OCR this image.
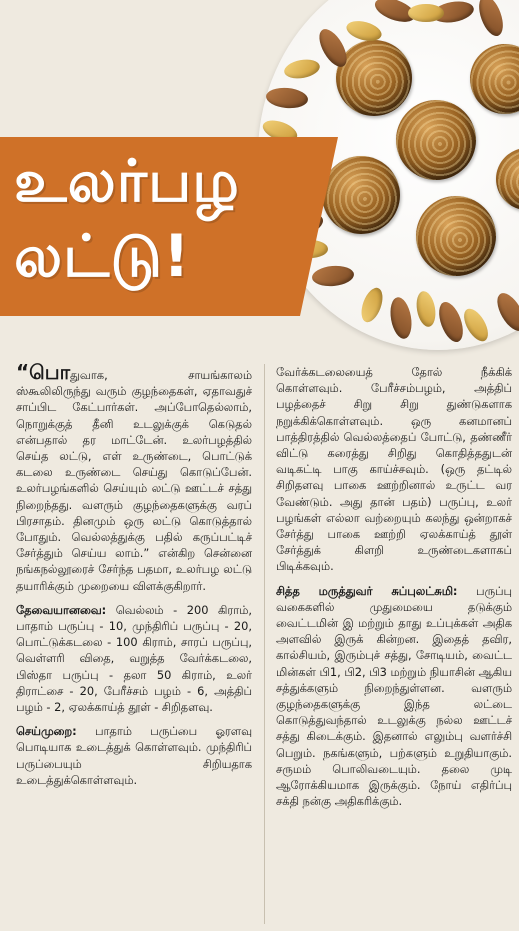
உலர்பழ
லட்டு!

“பொதுவாக, சாயங்காலம் ஸ்கூலிலிருந்து வரும் குழந்தைகள், ஏதாவதுச் சாப்பிட கேட்பார்கள். அப்போதெல்லாம், நொறுக்குத் தீனி உடலுக்குக் கெடுதல் என்பதால் தர மாட்டேன். உலர்பழத்தில் செய்த லட்டு, எள் உருண்டை, பொட்டுக் கடலை உருண்டை செய்து கொடுப்பேன். உலர்பழங்களில் செய்யும் லட்டு ஊட்டச் சத்து நிறைந்தது. வளரும் குழந்தைகளுக்கு வரப் பிரசாதம். தினமும் ஒரு லட்டு கொடுத்தால் போதும். வெல்லத்துக்கு பதில் கருப்பட்டிச் சேர்த்தும் செய்ய லாம்.” என்கிற சென்னை நங்கநல்லூரைச் சேர்ந்த பதமா, உலர்பழ லட்டு தயாரிக்கும் முறையை விளக்குகிறார்.

தேவையானவை: வெல்லம் - 200 கிராம், பாதாம் பருப்பு - 10, முந்திரிப் பருப்பு - 20, பொட்டுக்கடலை - 100 கிராம், சாரப் பருப்பு, வெள்ளரி விதை, வறுத்த வேர்க்கடலை, பிஸ்தா பருப்பு - தலா 50 கிராம், உலர் திராட்சை - 20, பேரீச்சம் பழம் - 6, அத்திப் பழம் - 2, ஏலக்காய்த் தூள் - சிறிதளவு.

செய்முறை: பாதாம் பருப்பை ஓரளவு பொடியாக உடைத்துக் கொள்ளவும். முந்திரிப் பருப்பையும் சிறியதாக உடைத்துக்கொள்ளவும்.

வேர்க்கடலையைத் தோல் நீக்கிக் கொள்ளவும். பேரீச்சம்பழம், அத்திப் பழத்தைச் சிறு சிறு துண்டுகளாக நறுக்கிக்கொள்ளவும். ஒரு கனமானப் பாத்திரத்தில் வெல்லத்தைப் போட்டு, தண்ணீர் விட்டு கரைத்து சிறிது கொதித்ததுடன் வடிகட்டி பாகு காய்ச்சவும். (ஒரு தட்டில் சிறிதளவு பாகை ஊற்றினால் உருட்ட வர வேண்டும். அது தான் பதம்) பருப்பு, உலர் பழங்கள் எல்லா வற்றையும் கலந்து ஒன்றாகச் சேர்த்து பாகை ஊற்றி ஏலக்காய்த் தூள் சேர்த்துக் கிளறி உருண்டைகளாகப் பிடிக்கவும்.

சித்த மருத்துவர் சுப்புலட்சுமி: பருப்பு வகைகளில் முதுமையை தடுக்கும் வைட்டமின் இ மற்றும் தாது உப்புக்கள் அதிக அளவில் இருக் கின்றன. இதைத் தவிர, கால்சியம், இரும்புச் சத்து, சோடியம், வைட்ட மின்கள் பி1, பி2, பி3 மற்றும் நியாசின் ஆகிய சத்துக்களும் நிறைந்துள்ளன. வளரும் குழந்தைகளுக்கு இந்த லட்டை கொடுத்துவந்தால் உடலுக்கு நல்ல ஊட்டச் சத்து கிடைக்கும். இதனால் எலும்பு வளர்ச்சி பெறும். நகங்களும், பற்களும் உறுதியாகும். சருமம் பொலிவடையும். தலை முடி ஆரோக்கியமாக இருக்கும். நோய் எதிர்ப்பு சக்தி நன்கு அதிகரிக்கும்.
